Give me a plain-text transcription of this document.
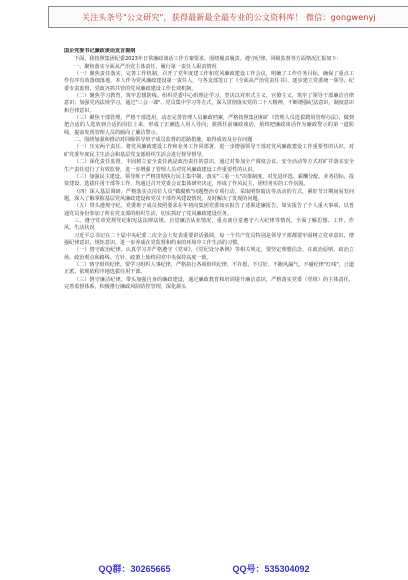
关注头条号"公文研究"，获得最新最全最专业的公文资料库！ 微信：gongwenyj

国企党委书记廉政谈话发言提纲

下面，我按照集团纪委2023年日常廉政谈话工作方案要求，围绕履责履责、遵守纪律、同级监督等方面情况汇报如下：

一、聚焦落实全面从严治党主体责任，履行第一责任人职责情况

（一）聚焦责任落实，完善工作机制。召开了党年度建工作和党风廉政建设工作会议，明确了工作任务目标，确保了重点工作有序有效落细落地，本人作为党风廉政建设第一责任人，与各支部签订了《全面从严治党责任书》，逐步建立党委统一领导、纪委专责监督、党政齐抓共管的党风廉政建设工作长效机制。

（二）聚焦学习教育，筑牢思想防线。组织党委中心组理论学习，坚决以对形式主义、官僚主义，筑牢了领导干部廉洁自律意识；加强党内法规学习，通过"三会一课"、党员集中学习等方式，深入贯彻落实党的二十大精神，不断增强纪法意识，制度意识和自律意识。

（三）聚焦干部管理，严格干部选用。动态完善管理人员廉政档案，严格按照集团和矿《管理人员选拔聘用管理办法》，做到把合适的人选放到合适的岗位上来，形成了正确选人用人导向；狠抓任前廉政谈话，始终把廉政谈话作为廉政警示的第一道防线，提前发现管理人员的倾向了廉洁警示。

二、围绕加强和推动对同级领导班子成员监督的思路措施、取得成效及存在问题

（一）压实两个责任。将党风廉政建设工作和业务工作同部署，进一步增强领导干部对党风廉政建设工作重要性的认识，对矿党委年度民主生活会和基层党支部组织生活会进行督导督导。

（二）深化责任监督。丰固树立安全责任就是政治责任的意识，通过对参加全产调度会议、安全活动等方式对矿井落实安全生产责任进行了有效监督，进一步增强了管理人员对党风廉政建设工作重要性的认识。

（三）加强民主建设。领导班子严格贯彻执行民主集中制，落实"三重一大"决策制度，对先进评选、薪酬分配、业务招标、投资建设、选拔任用干部等工作，均通过召开党委会议集体研究决定，形成了作风民主、团结务实的工作氛围。

（四）深入基层调研。严格落实点岗位人员"微腐败"问题整治专项行动，采取明察暗访等活动的方式，紧盯节日期间易发问题，深入了解掌握基层党风廉政建设和党员干部作风建设情况，及时解决了发现的问题。

（五）带头遵规守纪。党委班子成员按照要求在年初向集团党委如实报告了述职述廉报告，如实报告了个人重大事项，以普通党员身份参加了所在党支部的组织生活，切实抓好了党风廉政建设任务。

三、遵守党章党规党纪和宪法法律法规、自觉廉洁从业情况，重点谈自觉遵守六大纪律等情况，全面了解思想、工作、作风、生活状况

习近平总书记在二十届中央纪委二次全会上发表重要讲话强调，每一个共产党员特别是领导干部都要牢固树立党章意识，增强纪律意识，规矩意识，进一步养成在党监督和约束的环境中工作生活的习惯。

（一）恪守政治纪律。认真学习并严格遵守《党章》、《党纪处分条例》等相关规定，要坚定理想信念，在政治原则、政治立场、政治观点和路线、方针、政策上始终同党中央保持高度一致。

（二）恪守组织纪律。要学习组织人事纪律，严格执行各项组织纪律，不许愿、不讨好、不跑风漏气，不碰纪律"红线"，公道正派、依规依程序地选拔任用干部。

（三）恪守廉洁纪律。带头加强自身的廉政建设，通过廉政教育和培训提升廉洁意识，严格落实党委（党组）的主体责任，完善监督体系，积极推行廉政风险防控管理，深化源头

QQ群：30265665	QQ号：535304092
